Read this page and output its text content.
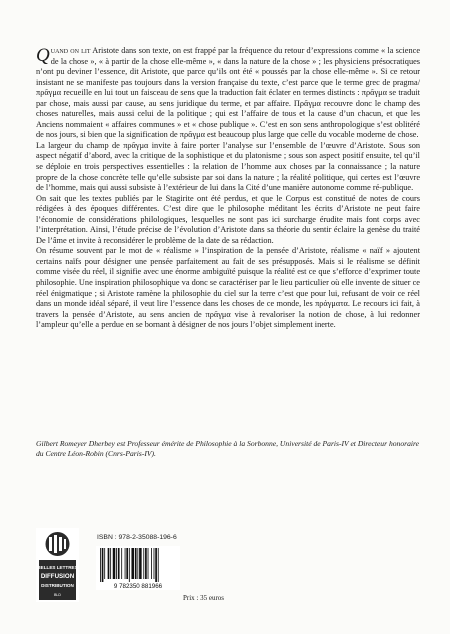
Quand on lit Aristote dans son texte, on est frappé par la fréquence du retour d’expressions comme « la science de la chose », « à partir de la chose elle-même », « dans la nature de la chose » ; les physiciens présocratiques n’ont pu deviner l’essence, dit Aristote, que parce qu’ils ont été « poussés par la chose elle-même ». Si ce retour insistant ne se manifeste pas toujours dans la version française du texte, c’est parce que le terme grec de pragma/πρᾶγμα recueille en lui tout un faisceau de sens que la traduction fait éclater en termes distincts : πρᾶγμα se traduit par chose, mais aussi par cause, au sens juridique du terme, et par affaire. Πρᾶγμα recouvre donc le champ des choses naturelles, mais aussi celui de la politique ; qui est l’affaire de tous et la cause d’un chacun, et que les Anciens nommaient « affaires communes » et « chose publique ». C’est en son sens anthropologique s’est oblitéré de nos jours, si bien que la signification de πρᾶγμα est beaucoup plus large que celle du vocable moderne de chose.

La largeur du champ de πρᾶγμα invite à faire porter l’analyse sur l’ensemble de l’œuvre d’Aristote. Sous son aspect négatif d’abord, avec la critique de la sophistique et du platonisme ; sous son aspect positif ensuite, tel qu’il se déploie en trois perspectives essentielles : la relation de l’homme aux choses par la connaissance ; la nature propre de la chose concrète telle qu’elle subsiste par soi dans la nature ; la réalité politique, qui certes est l’œuvre de l’homme, mais qui aussi subsiste à l’extérieur de lui dans la Cité d’une manière autonome comme ré-publique.

On sait que les textes publiés par le Stagirite ont été perdus, et que le Corpus est constitué de notes de cours rédigées à des époques différentes. C’est dire que le philosophe méditant les écrits d’Aristote ne peut faire l’économie de considérations philologiques, lesquelles ne sont pas ici surcharge érudite mais font corps avec l’interprétation. Ainsi, l’étude précise de l’évolution d’Aristote dans sa théorie du sentir éclaire la genèse du traité De l’âme et invite à reconsidérer le problème de la date de sa rédaction.

On résume souvent par le mot de « réalisme » l’inspiration de la pensée d’Aristote, réalisme « naïf » ajoutent certains naïfs pour désigner une pensée parfaitement au fait de ses présupposés. Mais si le réalisme se définit comme visée du réel, il signifie avec une énorme ambiguïté puisque la réalité est ce que s’efforce d’exprimer toute philosophie. Une inspiration philosophique va donc se caractériser par le lieu particulier où elle invente de situer ce réel énigmatique ; si Aristote ramène la philosophie du ciel sur la terre c’est que pour lui, refusant de voir ce réel dans un monde idéal séparé, il veut lire l’essence dans les choses de ce monde, les πράγματα. Le recours ici fait, à travers la pensée d’Aristote, au sens ancien de πρᾶγμα vise à revaloriser la notion de chose, à lui redonner l’ampleur qu’elle a perdue en se bornant à désigner de nos jours l’objet simplement inerte.

Gilbert Romeyer Dherbey est Professeur émérite de Philosophie à la Sorbonne, Université de Paris-IV et Directeur honoraire du Centre Léon-Robin (Cnrs-Paris-IV).
BELLES LETTRES
DIFFUSION
DISTRIBUTION
BLD
ISBN : 978-2-35088-196-6
9 782350 881966
Prix : 35 euros
